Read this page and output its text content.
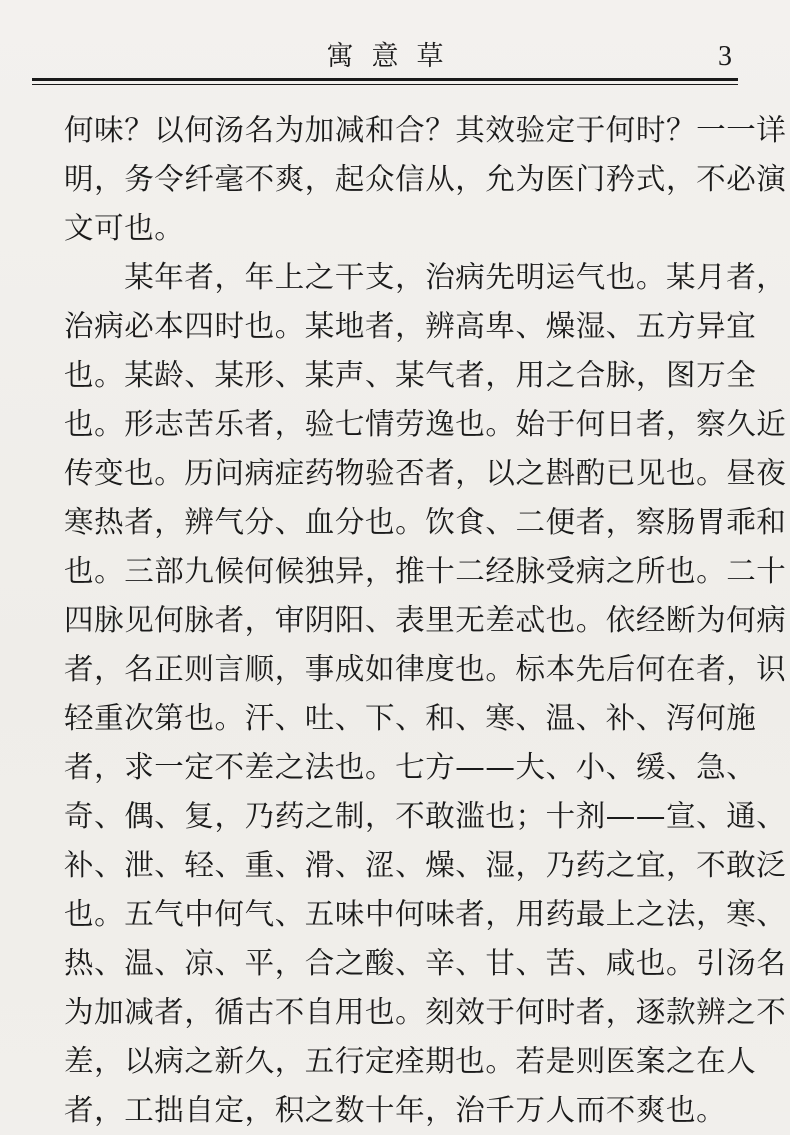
寓意草	3
何味？以何汤名为加减和合？其效验定于何时？一一详
明，务令纤毫不爽，起众信从，允为医门矜式，不必演
文可也。
　　某年者，年上之干支，治病先明运气也。某月者，
治病必本四时也。某地者，辨高卑、燥湿、五方异宜
也。某龄、某形、某声、某气者，用之合脉，图万全
也。形志苦乐者，验七情劳逸也。始于何日者，察久近
传变也。历问病症药物验否者，以之斟酌已见也。昼夜
寒热者，辨气分、血分也。饮食、二便者，察肠胃乖和
也。三部九候何候独异，推十二经脉受病之所也。二十
四脉见何脉者，审阴阳、表里无差忒也。依经断为何病
者，名正则言顺，事成如律度也。标本先后何在者，识
轻重次第也。汗、吐、下、和、寒、温、补、泻何施
者，求一定不差之法也。七方——大、小、缓、急、
奇、偶、复，乃药之制，不敢滥也；十剂——宣、通、
补、泄、轻、重、滑、涩、燥、湿，乃药之宜，不敢泛
也。五气中何气、五味中何味者，用药最上之法，寒、
热、温、凉、平，合之酸、辛、甘、苦、咸也。引汤名
为加减者，循古不自用也。刻效于何时者，逐款辨之不
差，以病之新久，五行定痊期也。若是则医案之在人
者，工拙自定，积之数十年，治千万人而不爽也。
